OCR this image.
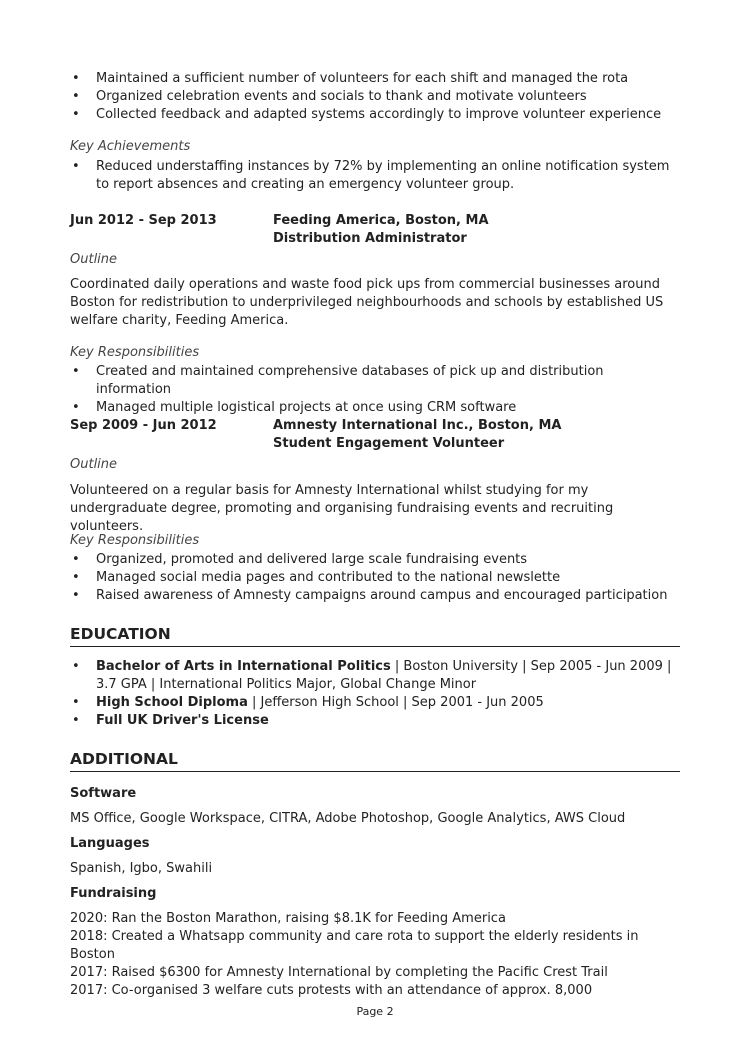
• Maintained a sufficient number of volunteers for each shift and managed the rota
• Organized celebration events and socials to thank and motivate volunteers
• Collected feedback and adapted systems accordingly to improve volunteer experience
Key Achievements
• Reduced understaffing instances by 72% by implementing an online notification system to report absences and creating an emergency volunteer group.
Jun 2012 - Sep 2013	Feeding America, Boston, MA
Distribution Administrator
Outline
Coordinated daily operations and waste food pick ups from commercial businesses around Boston for redistribution to underprivileged neighbourhoods and schools by established US welfare charity, Feeding America.
Key Responsibilities
• Created and maintained comprehensive databases of pick up and distribution information
• Managed multiple logistical projects at once using CRM software
Sep 2009 - Jun 2012	Amnesty International Inc., Boston, MA
Student Engagement Volunteer
Outline
Volunteered on a regular basis for Amnesty International whilst studying for my undergraduate degree, promoting and organising fundraising events and recruiting volunteers.
Key Responsibilities
• Organized, promoted and delivered large scale fundraising events
• Managed social media pages and contributed to the national newslette
• Raised awareness of Amnesty campaigns around campus and encouraged participation
EDUCATION
• Bachelor of Arts in International Politics | Boston University | Sep 2005 - Jun 2009 | 3.7 GPA | International Politics Major, Global Change Minor
• High School Diploma | Jefferson High School | Sep 2001 - Jun 2005
• Full UK Driver's License
ADDITIONAL
Software
MS Office, Google Workspace, CITRA, Adobe Photoshop, Google Analytics, AWS Cloud
Languages
Spanish, Igbo, Swahili
Fundraising
2020: Ran the Boston Marathon, raising $8.1K for Feeding America
2018: Created a Whatsapp community and care rota to support the elderly residents in Boston
2017: Raised $6300 for Amnesty International by completing the Pacific Crest Trail
2017: Co-organised 3 welfare cuts protests with an attendance of approx. 8,000
Page 2
